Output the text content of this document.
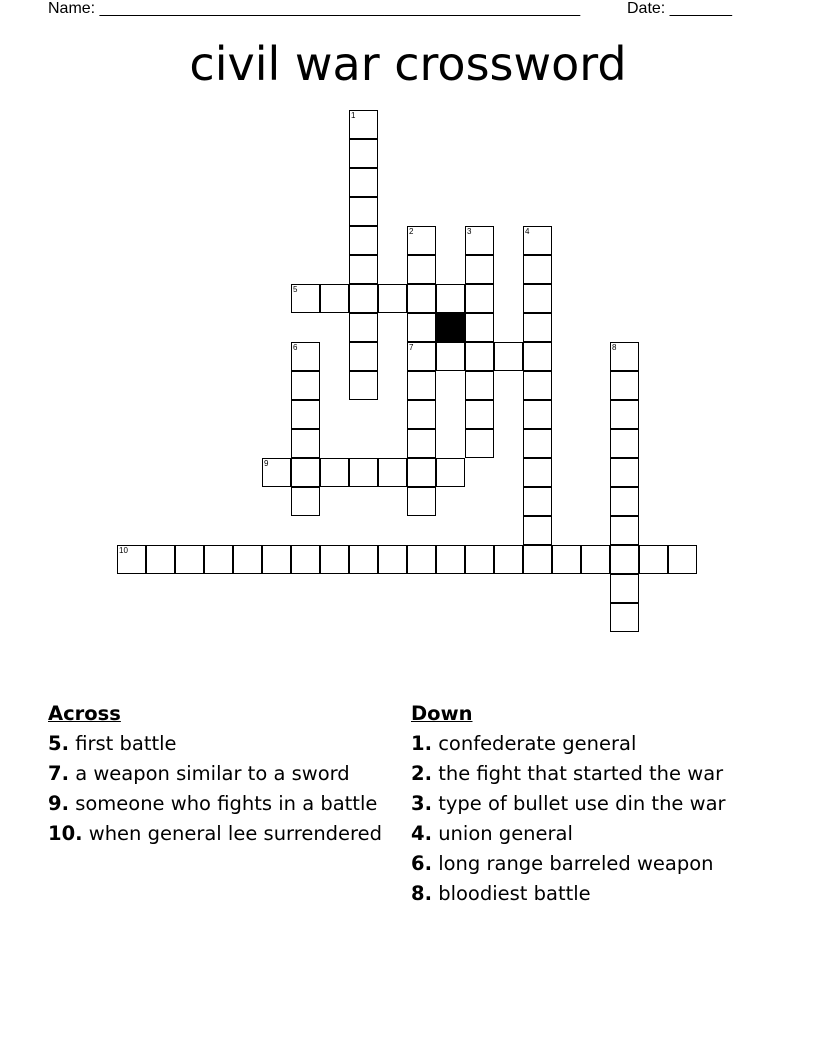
Name: ______________________________________________________	Date: _______
civil war crossword
1
2
7
3	4
5
6	8
9
10
Across
5. first battle
7. a weapon similar to a sword
9. someone who fights in a battle
10. when general lee surrendered
Down
1. confederate general
2. the fight that started the war
3. type of bullet use din the war
4. union general
6. long range barreled weapon
8. bloodiest battle
